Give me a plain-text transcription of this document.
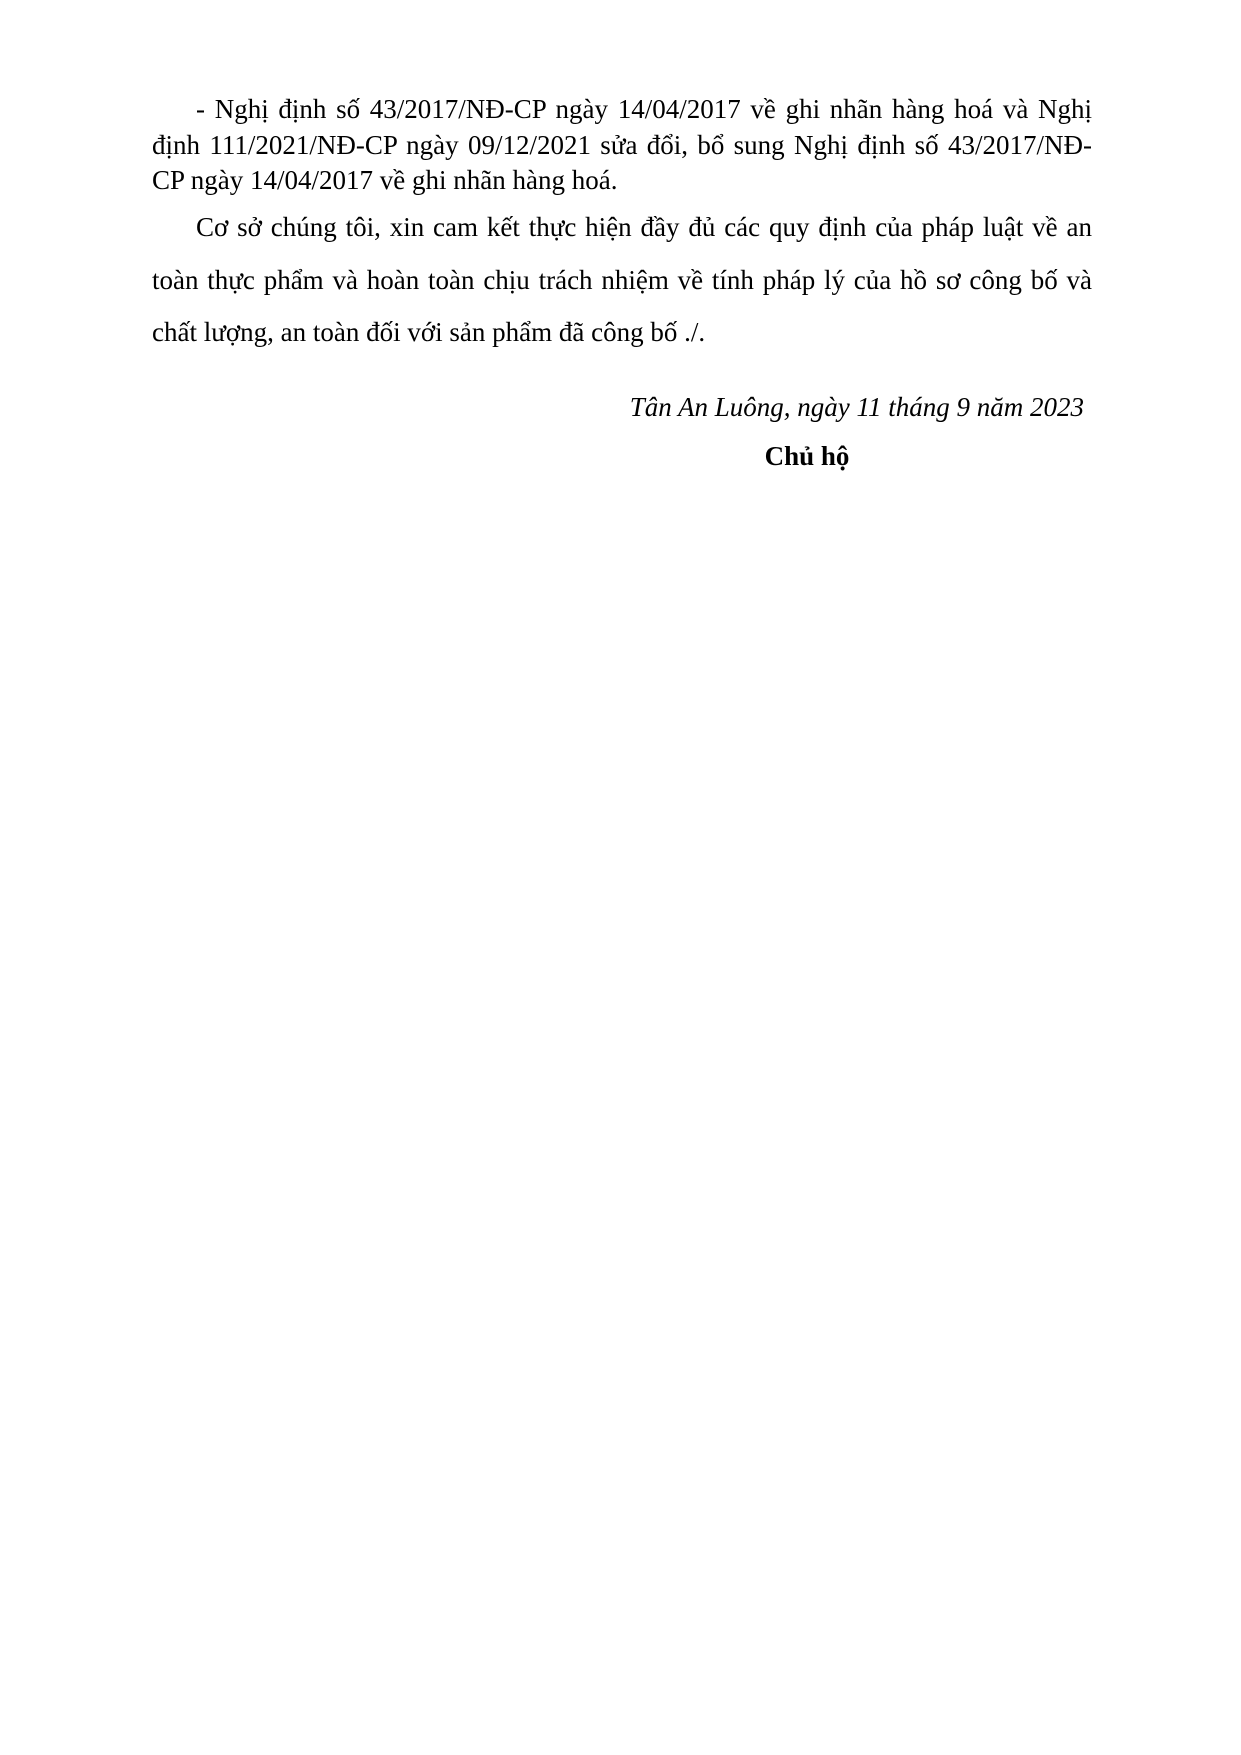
- Nghị định số 43/2017/NĐ-CP ngày 14/04/2017 về ghi nhãn hàng hoá và Nghị định 111/2021/NĐ-CP ngày 09/12/2021 sửa đổi, bổ sung Nghị định số 43/2017/NĐ-CP ngày 14/04/2017 về ghi nhãn hàng hoá.

Cơ sở chúng tôi, xin cam kết thực hiện đầy đủ các quy định của pháp luật về an toàn thực phẩm và hoàn toàn chịu trách nhiệm về tính pháp lý của hồ sơ công bố và chất lượng, an toàn đối với sản phẩm đã công bố ./.

Tân An Luông, ngày 11 tháng 9 năm 2023

Chủ hộ
